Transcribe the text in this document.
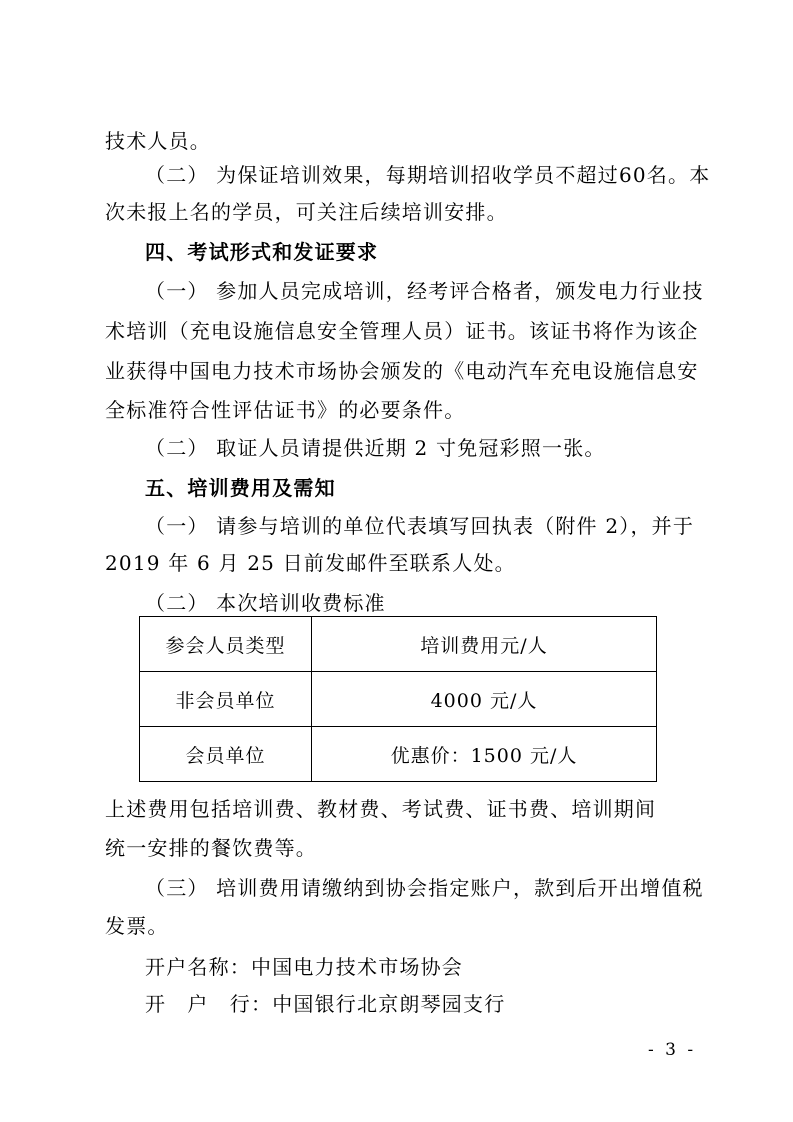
技术人员。
（二） 为保证培训效果，每期培训招收学员不超过60名。本
次未报上名的学员，可关注后续培训安排。
四、考试形式和发证要求
（一） 参加人员完成培训，经考评合格者，颁发电力行业技
术培训（充电设施信息安全管理人员）证书。该证书将作为该企
业获得中国电力技术市场协会颁发的《电动汽车充电设施信息安
全标准符合性评估证书》的必要条件。
（二） 取证人员请提供近期 2 寸免冠彩照一张。
五、培训费用及需知
（一） 请参与培训的单位代表填写回执表（附件 2），并于
2019 年 6 月 25 日前发邮件至联系人处。
（二） 本次培训收费标准
参会人员类型	培训费用元/人
非会员单位	4000 元/人
会员单位	优惠价：1500 元/人
上述费用包括培训费、教材费、考试费、证书费、培训期间
统一安排的餐饮费等。
（三） 培训费用请缴纳到协会指定账户，款到后开出增值税
发票。
开户名称：中国电力技术市场协会
开　户　行：中国银行北京朗琴园支行
- 3 -
